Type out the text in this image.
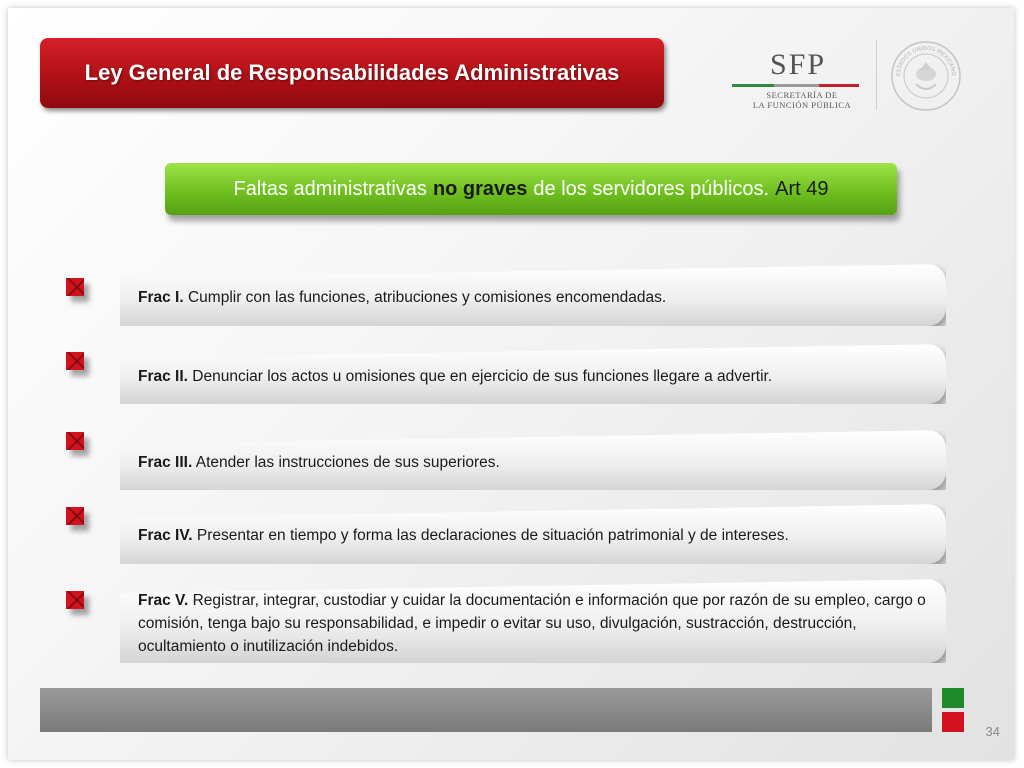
Ley General de Responsabilidades Administrativas	SFP
SECRETARÍA DE
LA FUNCIÓN PÚBLICA
ESTADOS UNIDOS MEXICANO
Faltas administrativas no graves de los servidores públicos. Art 49
Frac I. Cumplir con las funciones, atribuciones y comisiones encomendadas.
Frac II. Denunciar los actos u omisiones que en ejercicio de sus funciones llegare a advertir.
Frac III. Atender las instrucciones de sus superiores.
Frac IV. Presentar en tiempo y forma las declaraciones de situación patrimonial y de intereses.
Frac V. Registrar, integrar, custodiar y cuidar la documentación e información que por razón de su empleo, cargo o comisión, tenga bajo su responsabilidad, e impedir o evitar su uso, divulgación, sustracción, destrucción, ocultamiento o inutilización indebidos.
34
